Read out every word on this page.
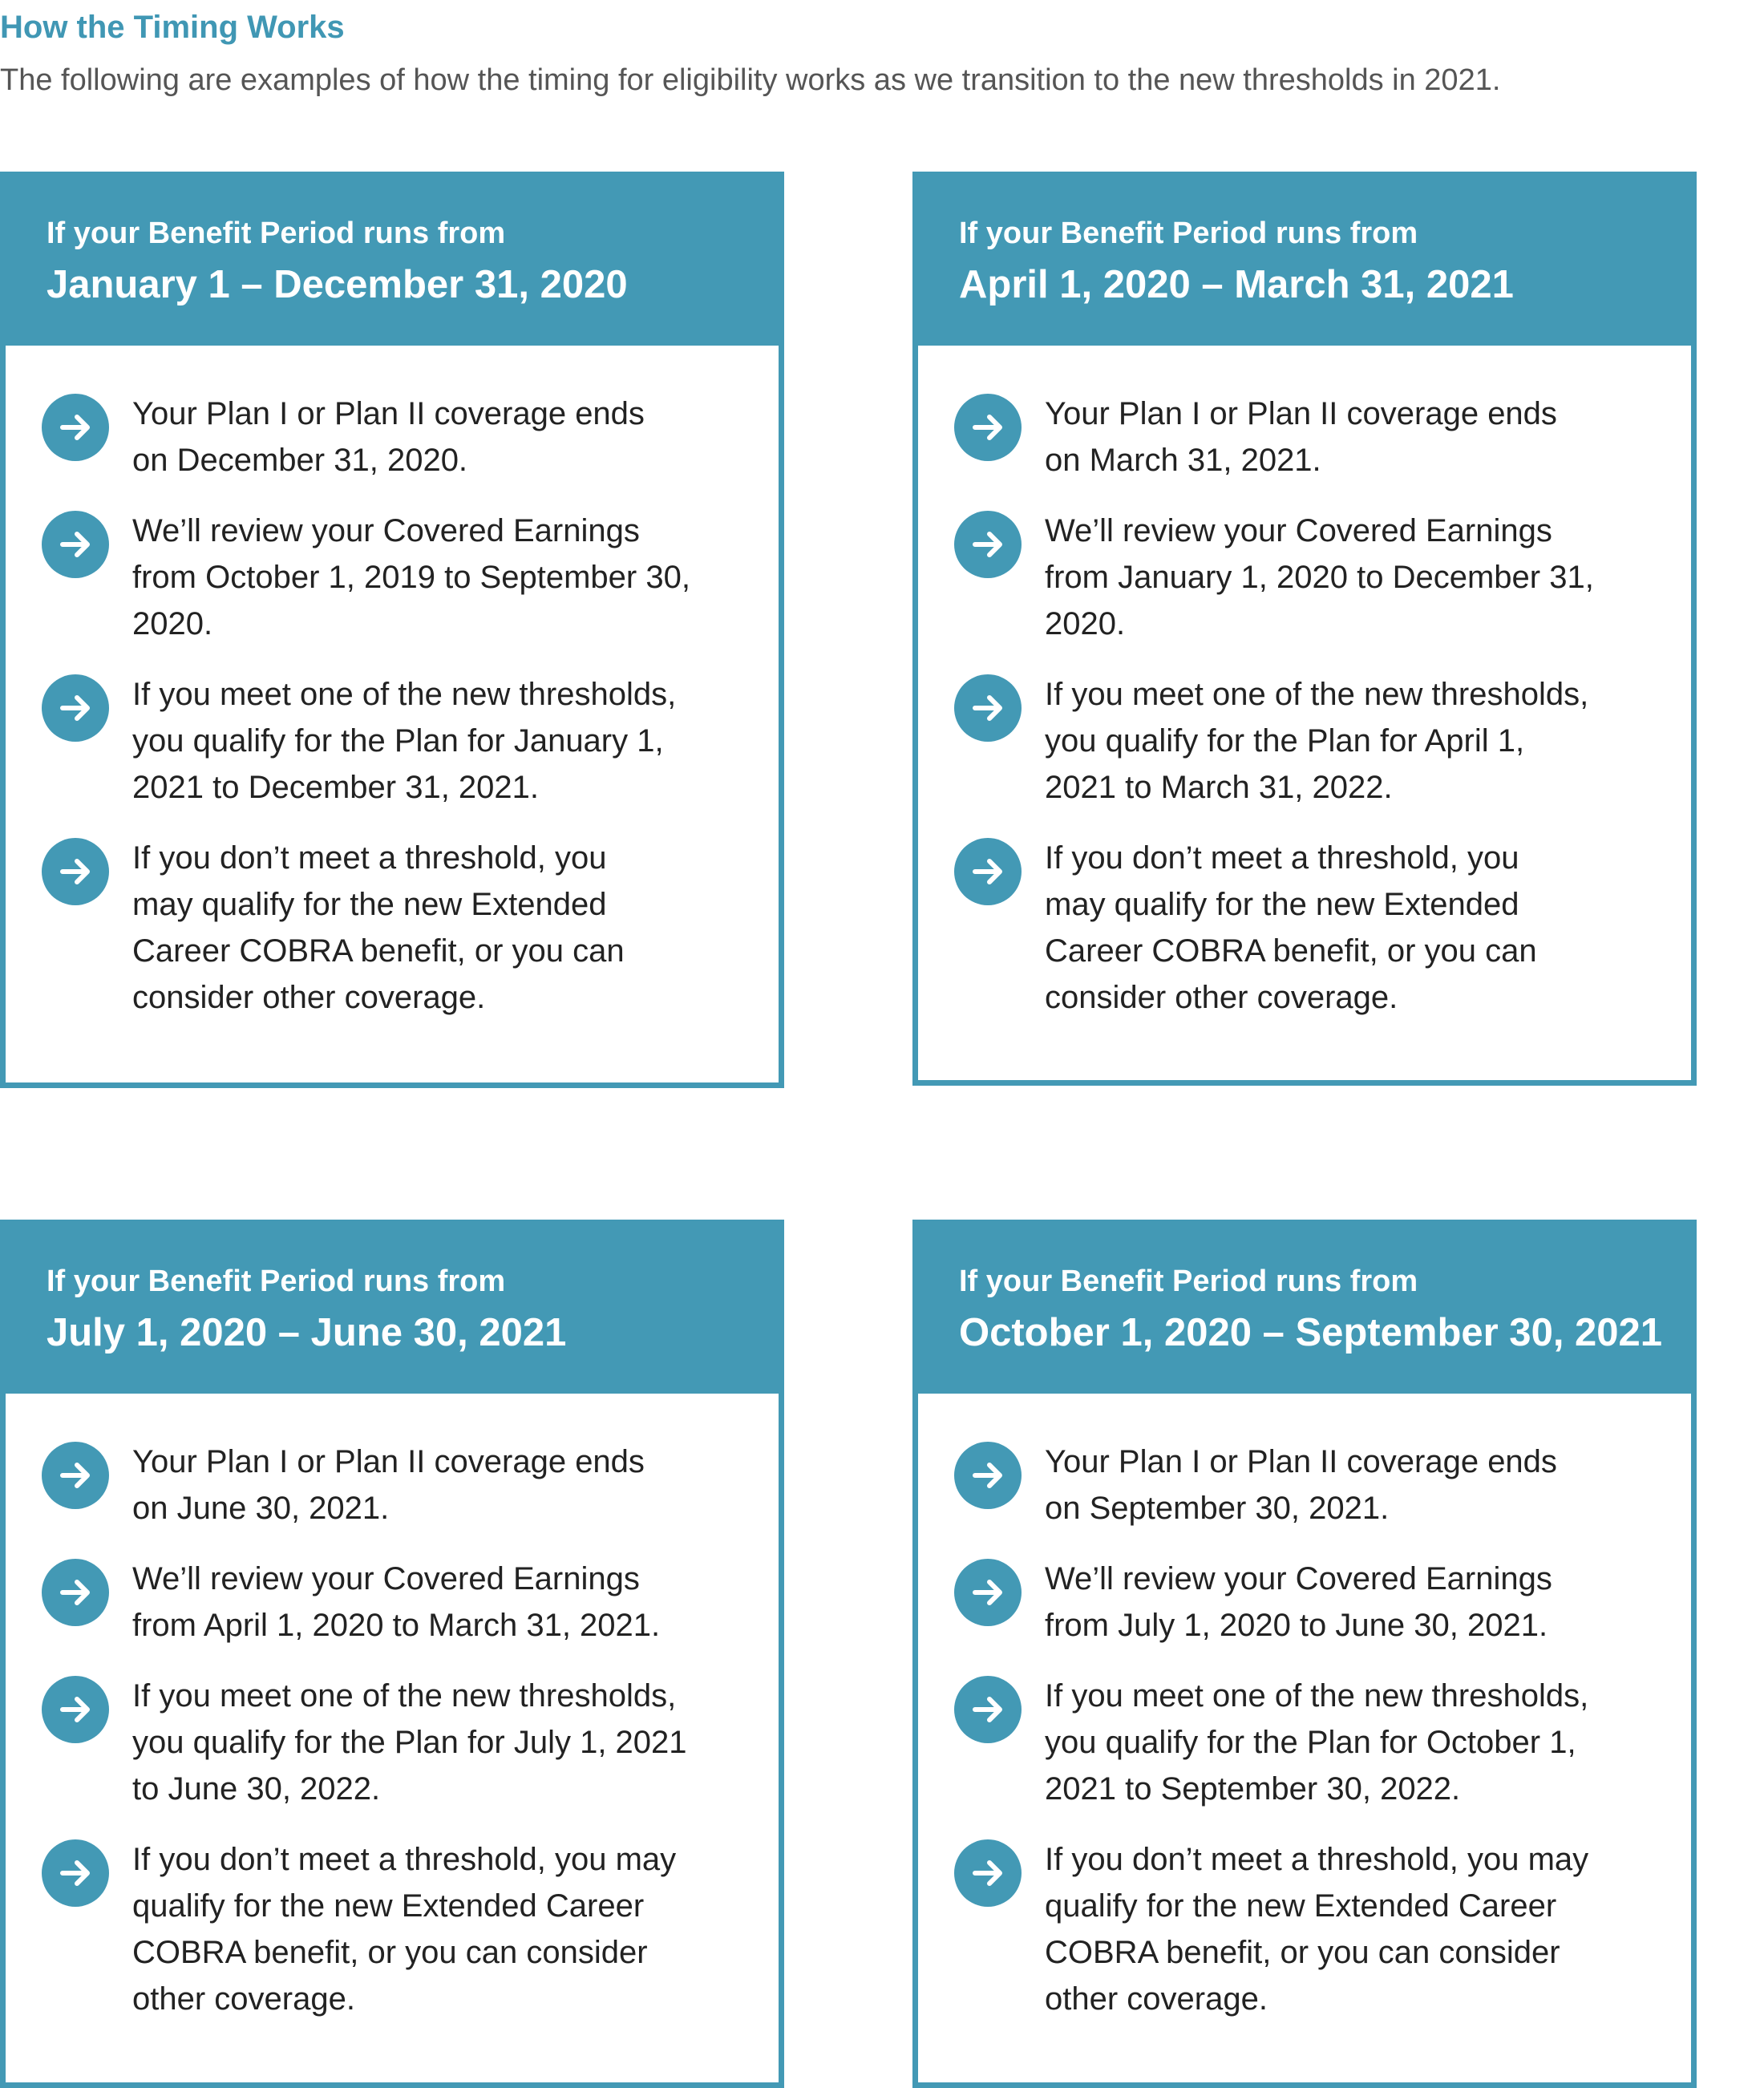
How the Timing Works

The following are examples of how the timing for eligibility works as we transition to the new thresholds in 2021.

If your Benefit Period runs from
January 1 – December 31, 2020
Your Plan I or Plan II coverage ends
on December 31, 2020.
We’ll review your Covered Earnings
from October 1, 2019 to September 30,
2020.
If you meet one of the new thresholds,
you qualify for the Plan for January 1,
2021 to December 31, 2021.
If you don’t meet a threshold, you
may qualify for the new Extended
Career COBRA benefit, or you can
consider other coverage.
If your Benefit Period runs from
April 1, 2020 – March 31, 2021
Your Plan I or Plan II coverage ends
on March 31, 2021.
We’ll review your Covered Earnings
from January 1, 2020 to December 31,
2020.
If you meet one of the new thresholds,
you qualify for the Plan for April 1,
2021 to March 31, 2022.
If you don’t meet a threshold, you
may qualify for the new Extended
Career COBRA benefit, or you can
consider other coverage.
If your Benefit Period runs from
July 1, 2020 – June 30, 2021
Your Plan I or Plan II coverage ends
on June 30, 2021.
We’ll review your Covered Earnings
from April 1, 2020 to March 31, 2021.
If you meet one of the new thresholds,
you qualify for the Plan for July 1, 2021
to June 30, 2022.
If you don’t meet a threshold, you may
qualify for the new Extended Career
COBRA benefit, or you can consider
other coverage.
If your Benefit Period runs from
October 1, 2020 – September 30, 2021
Your Plan I or Plan II coverage ends
on September 30, 2021.
We’ll review your Covered Earnings
from July 1, 2020 to June 30, 2021.
If you meet one of the new thresholds,
you qualify for the Plan for October 1,
2021 to September 30, 2022.
If you don’t meet a threshold, you may
qualify for the new Extended Career
COBRA benefit, or you can consider
other coverage.
